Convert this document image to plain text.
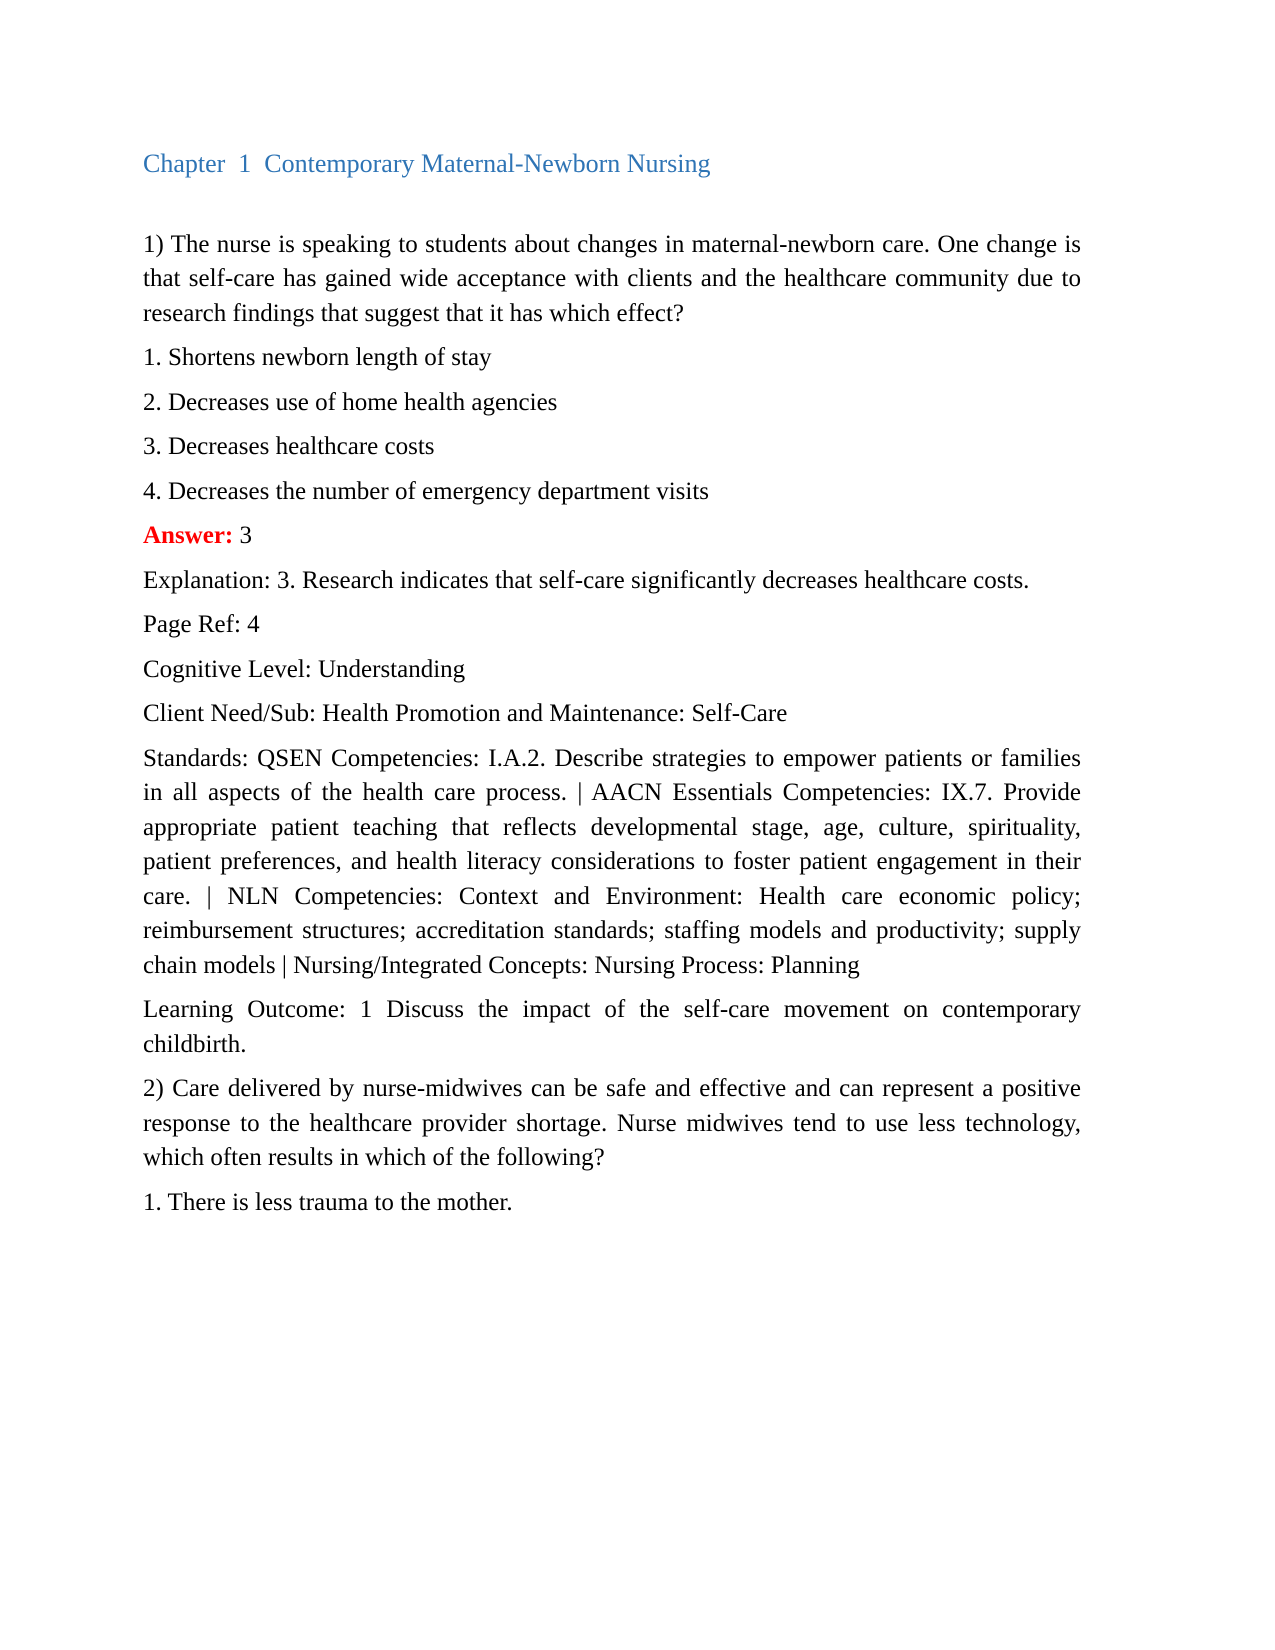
Chapter  1  Contemporary Maternal-Newborn Nursing

1) The nurse is speaking to students about changes in maternal-newborn care. One change is that self-care has gained wide acceptance with clients and the healthcare community due to research findings that suggest that it has which effect?

1. Shortens newborn length of stay

2. Decreases use of home health agencies

3. Decreases healthcare costs

4. Decreases the number of emergency department visits

Answer: 3

Explanation: 3. Research indicates that self-care significantly decreases healthcare costs.

Page Ref: 4

Cognitive Level: Understanding

Client Need/Sub: Health Promotion and Maintenance: Self-Care

Standards: QSEN Competencies: I.A.2. Describe strategies to empower patients or families in all aspects of the health care process. | AACN Essentials Competencies: IX.7. Provide appropriate patient teaching that reflects developmental stage, age, culture, spirituality, patient preferences, and health literacy considerations to foster patient engagement in their care. | NLN Competencies: Context and Environment: Health care economic policy; reimbursement structures; accreditation standards; staffing models and productivity; supply chain models | Nursing/Integrated Concepts: Nursing Process: Planning

Learning Outcome: 1 Discuss the impact of the self-care movement on contemporary childbirth.

2) Care delivered by nurse-midwives can be safe and effective and can represent a positive response to the healthcare provider shortage. Nurse midwives tend to use less technology, which often results in which of the following?

1. There is less trauma to the mother.
